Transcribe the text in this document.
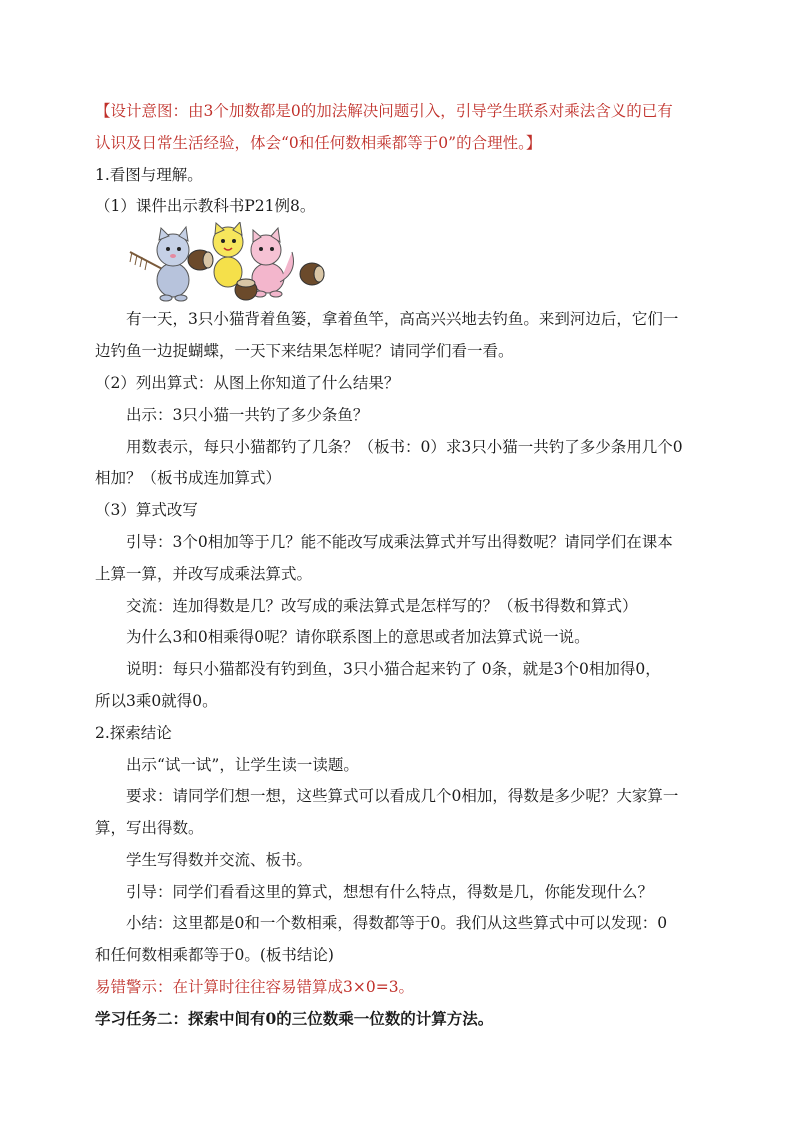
【设计意图：由3个加数都是0的加法解决问题引入，引导学生联系对乘法含义的已有
认识及日常生活经验，体会“0和任何数相乘都等于0”的合理性。】
1.看图与理解。
（1）课件出示教科书P21例8。
有一天，3只小猫背着鱼篓，拿着鱼竿，高高兴兴地去钓鱼。来到河边后，它们一
边钓鱼一边捉蝴蝶，一天下来结果怎样呢？请同学们看一看。
（2）列出算式：从图上你知道了什么结果？
出示：3只小猫一共钓了多少条鱼？
用数表示，每只小猫都钓了几条？（板书：0）求3只小猫一共钓了多少条用几个0
相加？（板书成连加算式）
（3）算式改写
引导：3个0相加等于几？能不能改写成乘法算式并写出得数呢？请同学们在课本
上算一算，并改写成乘法算式。
交流：连加得数是几？改写成的乘法算式是怎样写的？（板书得数和算式）
为什么3和0相乘得0呢？请你联系图上的意思或者加法算式说一说。
说明：每只小猫都没有钓到鱼，3只小猫合起来钓了 0条，就是3个0相加得0，
所以3乘0就得0。
2.探索结论
出示“试一试”，让学生读一读题。
要求：请同学们想一想，这些算式可以看成几个0相加，得数是多少呢？大家算一
算，写出得数。
学生写得数并交流、板书。
引导：同学们看看这里的算式，想想有什么特点，得数是几，你能发现什么？
小结：这里都是0和一个数相乘，得数都等于0。我们从这些算式中可以发现：0
和任何数相乘都等于0。(板书结论)
易错警示：在计算时往往容易错算成3×0=3。
学习任务二：探索中间有0的三位数乘一位数的计算方法。
